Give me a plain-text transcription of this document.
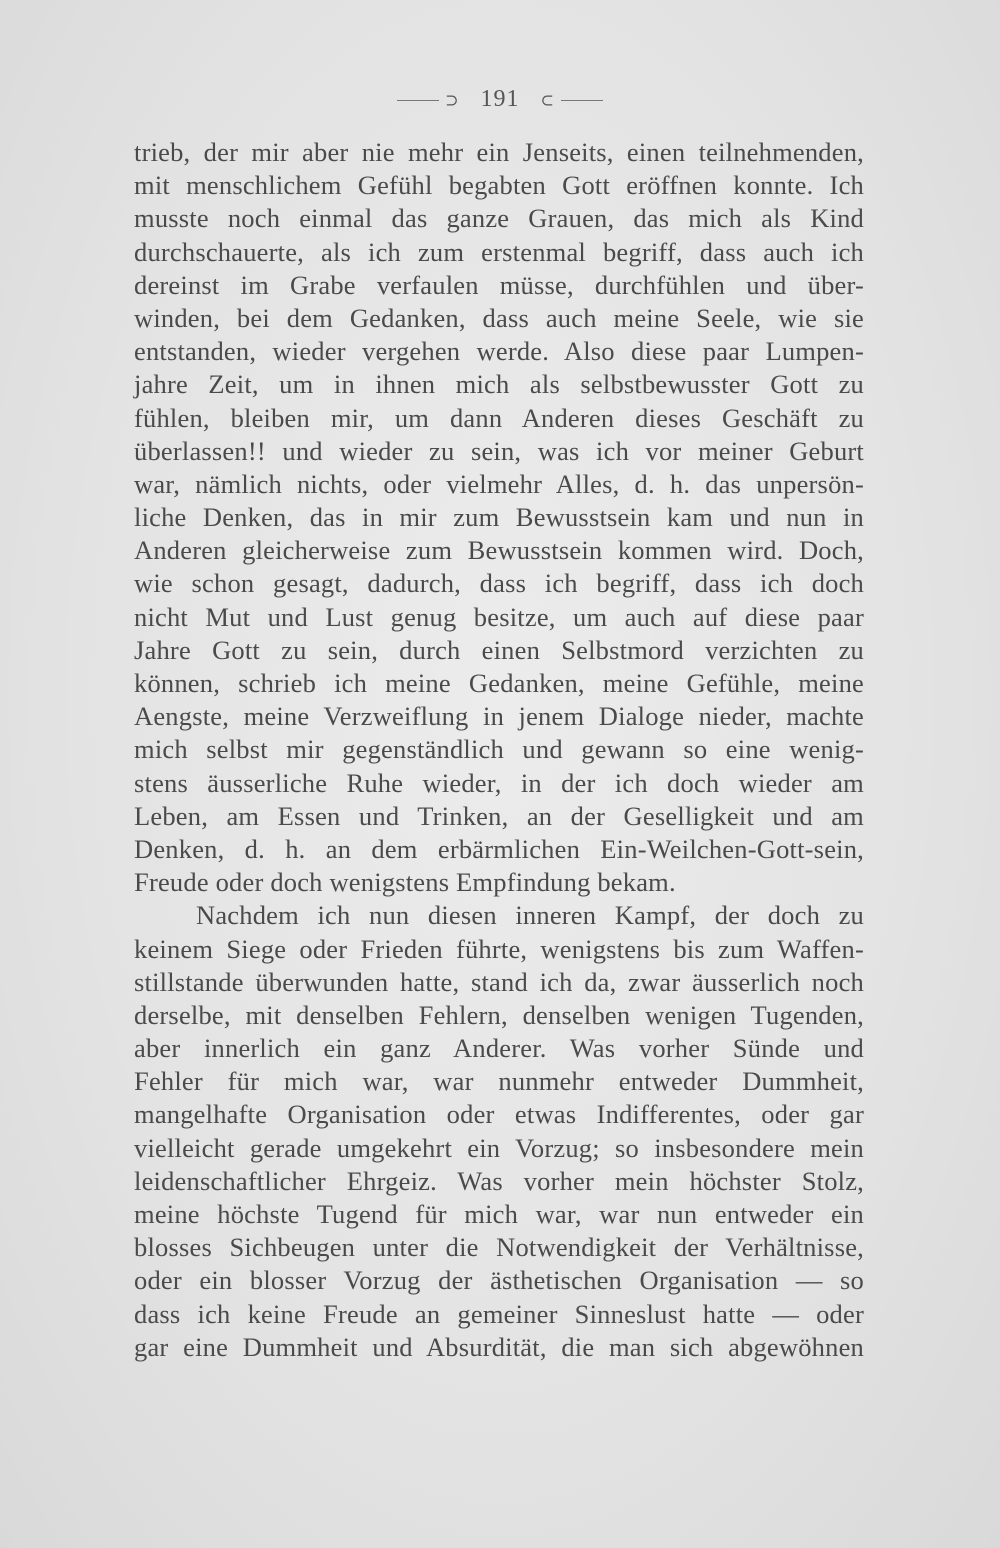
⊃ 191 ⊂
trieb, der mir aber nie mehr ein Jenseits, einen teilnehmenden,
mit menschlichem Gefühl begabten Gott eröffnen konnte. Ich
musste noch einmal das ganze Grauen, das mich als Kind
durchschauerte, als ich zum erstenmal begriff, dass auch ich
dereinst im Grabe verfaulen müsse, durchfühlen und über-
winden, bei dem Gedanken, dass auch meine Seele, wie sie
entstanden, wieder vergehen werde. Also diese paar Lumpen-
jahre Zeit, um in ihnen mich als selbstbewusster Gott zu
fühlen, bleiben mir, um dann Anderen dieses Geschäft zu
überlassen!! und wieder zu sein, was ich vor meiner Geburt
war, nämlich nichts, oder vielmehr Alles, d. h. das unpersön-
liche Denken, das in mir zum Bewusstsein kam und nun in
Anderen gleicherweise zum Bewusstsein kommen wird. Doch,
wie schon gesagt, dadurch, dass ich begriff, dass ich doch
nicht Mut und Lust genug besitze, um auch auf diese paar
Jahre Gott zu sein, durch einen Selbstmord verzichten zu
können, schrieb ich meine Gedanken, meine Gefühle, meine
Aengste, meine Verzweiflung in jenem Dialoge nieder, machte
mich selbst mir gegenständlich und gewann so eine wenig-
stens äusserliche Ruhe wieder, in der ich doch wieder am
Leben, am Essen und Trinken, an der Geselligkeit und am
Denken, d. h. an dem erbärmlichen Ein-Weilchen-Gott-sein,
Freude oder doch wenigstens Empfindung bekam.
Nachdem ich nun diesen inneren Kampf, der doch zu
keinem Siege oder Frieden führte, wenigstens bis zum Waffen-
stillstande überwunden hatte, stand ich da, zwar äusserlich noch
derselbe, mit denselben Fehlern, denselben wenigen Tugenden,
aber innerlich ein ganz Anderer. Was vorher Sünde und
Fehler für mich war, war nunmehr entweder Dummheit,
mangelhafte Organisation oder etwas Indifferentes, oder gar
vielleicht gerade umgekehrt ein Vorzug; so insbesondere mein
leidenschaftlicher Ehrgeiz. Was vorher mein höchster Stolz,
meine höchste Tugend für mich war, war nun entweder ein
blosses Sichbeugen unter die Notwendigkeit der Verhältnisse,
oder ein blosser Vorzug der ästhetischen Organisation — so
dass ich keine Freude an gemeiner Sinneslust hatte — oder
gar eine Dummheit und Absurdität, die man sich abgewöhnen
